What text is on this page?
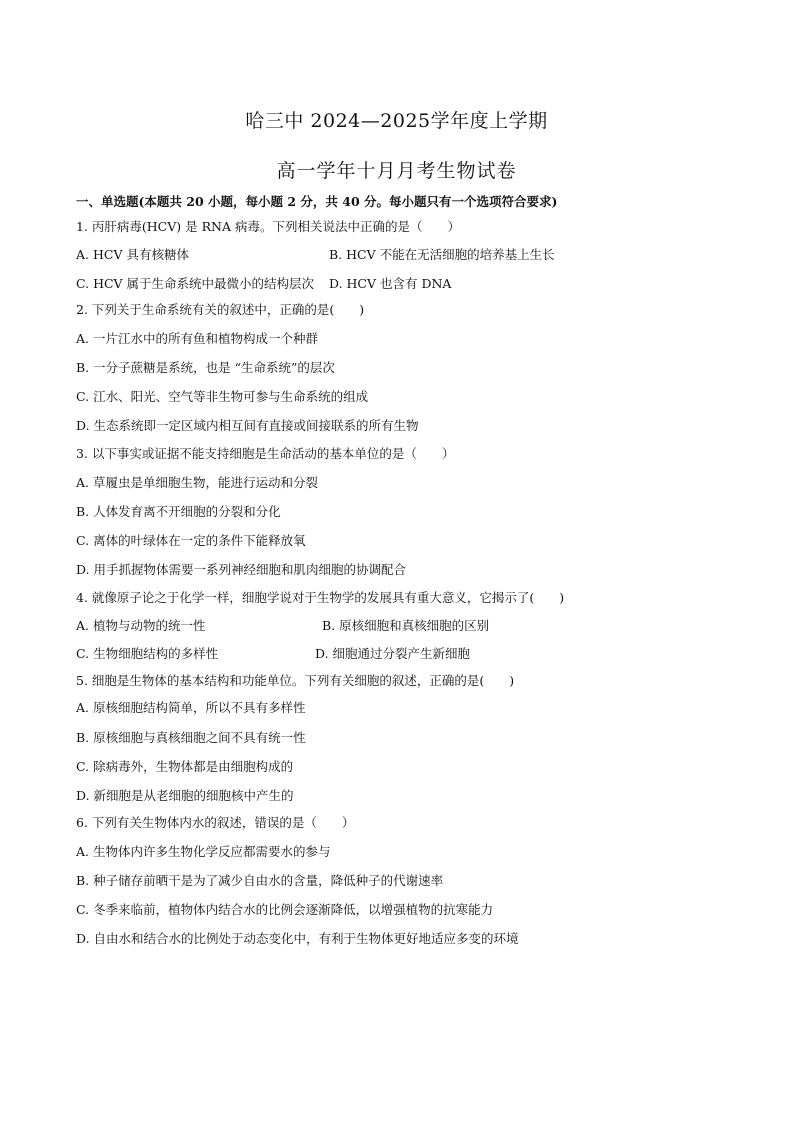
哈三中 2024—2025学年度上学期
高一学年十月月考生物试卷
一、单选题(本题共 20 小题，每小题 2 分，共 40 分。每小题只有一个选项符合要求)
1. 丙肝病毒(HCV) 是 RNA 病毒。下列相关说法中正确的是（　　）
A. HCV 具有核糖体	B. HCV 不能在无活细胞的培养基上生长
C. HCV 属于生命系统中最微小的结构层次 D. HCV 也含有 DNA
2. 下列关于生命系统有关的叙述中，正确的是(　　)
A. 一片江水中的所有鱼和植物构成一个种群
B. 一分子蔗糖是系统，也是 “生命系统”的层次
C. 江水、阳光、空气等非生物可参与生命系统的组成
D. 生态系统即一定区域内相互间有直接或间接联系的所有生物
3. 以下事实或证据不能支持细胞是生命活动的基本单位的是（　　）
A. 草履虫是单细胞生物，能进行运动和分裂
B. 人体发育离不开细胞的分裂和分化
C. 离体的叶绿体在一定的条件下能释放氧
D. 用手抓握物体需要一系列神经细胞和肌肉细胞的协调配合
4. 就像原子论之于化学一样，细胞学说对于生物学的发展具有重大意义，它揭示了(　　)
A. 植物与动物的统一性	B. 原核细胞和真核细胞的区别
C. 生物细胞结构的多样性	D. 细胞通过分裂产生新细胞
5. 细胞是生物体的基本结构和功能单位。下列有关细胞的叙述，正确的是(　　)
A. 原核细胞结构简单，所以不具有多样性
B. 原核细胞与真核细胞之间不具有统一性
C. 除病毒外，生物体都是由细胞构成的
D. 新细胞是从老细胞的细胞核中产生的
6. 下列有关生物体内水的叙述，错误的是（　　）
A. 生物体内许多生物化学反应都需要水的参与
B. 种子储存前晒干是为了减少自由水的含量，降低种子的代谢速率
C. 冬季来临前，植物体内结合水的比例会逐渐降低，以增强植物的抗寒能力
D. 自由水和结合水的比例处于动态变化中，有利于生物体更好地适应多变的环境
